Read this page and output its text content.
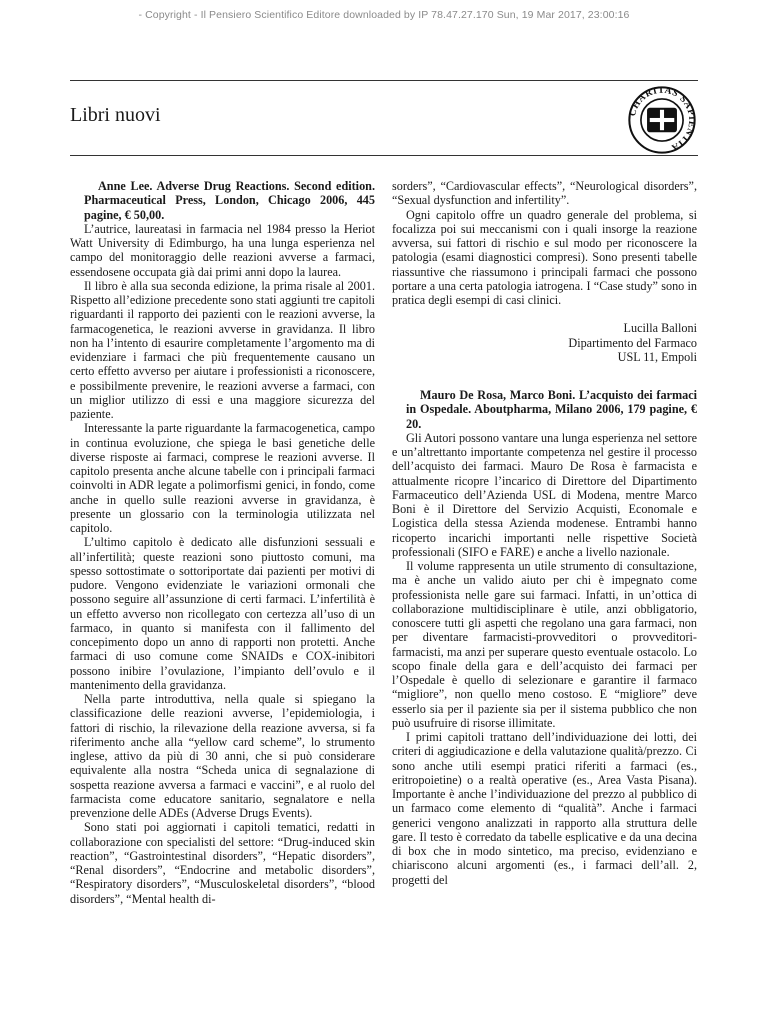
- Copyright - Il Pensiero Scientifico Editore downloaded by IP 78.47.27.170 Sun, 19 Mar 2017, 23:00:16
Libri nuovi	CHARITAS SAPIENTIA

Anne Lee. Adverse Drug Reactions. Second edition. Pharmaceutical Press, London, Chicago 2006, 445 pagine, € 50,00.

L’autrice, laureatasi in farmacia nel 1984 presso la Heriot Watt University di Edimburgo, ha una lunga esperienza nel campo del monitoraggio delle reazioni avverse a farmaci, essendosene occupata già dai primi anni dopo la laurea.

Il libro è alla sua seconda edizione, la prima risale al 2001. Rispetto all’edizione precedente sono stati aggiunti tre capitoli riguardanti il rapporto dei pazienti con le reazioni avverse, la farmacogenetica, le reazioni avverse in gravidanza. Il libro non ha l’intento di esaurire completamente l’argomento ma di evidenziare i farmaci che più frequentemente causano un certo effetto avverso per aiutare i professionisti a riconoscere, e possibilmente prevenire, le reazioni avverse a farmaci, con un miglior utilizzo di essi e una maggiore sicurezza del paziente.

Interessante la parte riguardante la farmacogenetica, campo in continua evoluzione, che spiega le basi genetiche delle diverse risposte ai farmaci, comprese le reazioni avverse. Il capitolo presenta anche alcune tabelle con i principali farmaci coinvolti in ADR legate a polimorfismi genici, in fondo, come anche in quello sulle reazioni avverse in gravidanza, è presente un glossario con la terminologia utilizzata nel capitolo.

L’ultimo capitolo è dedicato alle disfunzioni sessuali e all’infertilità; queste reazioni sono piuttosto comuni, ma spesso sottostimate o sottoriportate dai pazienti per motivi di pudore. Vengono evidenziate le variazioni ormonali che possono seguire all’assunzione di certi farmaci. L’infertilità è un effetto avverso non ricollegato con certezza all’uso di un farmaco, in quanto si manifesta con il fallimento del concepimento dopo un anno di rapporti non protetti. Anche farmaci di uso comune come SNAIDs e COX-inibitori possono inibire l’ovulazione, l’impianto dell’ovulo e il mantenimento della gravidanza.

Nella parte introduttiva, nella quale si spiegano la classificazione delle reazioni avverse, l’epidemiologia, i fattori di rischio, la rilevazione della reazione avversa, si fa riferimento anche alla “yellow card scheme”, lo strumento inglese, attivo da più di 30 anni, che si può considerare equivalente alla nostra “Scheda unica di segnalazione di sospetta reazione avversa a farmaci e vaccini”, e al ruolo del farmacista come educatore sanitario, segnalatore e nella prevenzione delle ADEs (Adverse Drugs Events).

Sono stati poi aggiornati i capitoli tematici, redatti in collaborazione con specialisti del settore: “Drug-induced skin reaction”, “Gastrointestinal disorders”, “Hepatic disorders”, “Renal disorders”, “Endocrine and metabolic disorders”, “Respiratory disorders”, “Musculoskeletal disorders”, “blood disorders”, “Mental health di-

sorders”, “Cardiovascular effects”, “Neurological disorders”, “Sexual dysfunction and infertility”.

Ogni capitolo offre un quadro generale del problema, si focalizza poi sui meccanismi con i quali insorge la reazione avversa, sui fattori di rischio e sul modo per riconoscere la patologia (esami diagnostici compresi). Sono presenti tabelle riassuntive che riassumono i principali farmaci che possono portare a una certa patologia iatrogena. I “Case study” sono in pratica degli esempi di casi clinici.

Lucilla Balloni
Dipartimento del Farmaco
USL 11, Empoli

Mauro De Rosa, Marco Boni. L’acquisto dei farmaci in Ospedale. Aboutpharma, Milano 2006, 179 pagine, € 20.

Gli Autori possono vantare una lunga esperienza nel settore e un’altrettanto importante competenza nel gestire il processo dell’acquisto dei farmaci. Mauro De Rosa è farmacista e attualmente ricopre l’incarico di Direttore del Dipartimento Farmaceutico dell’Azienda USL di Modena, mentre Marco Boni è il Direttore del Servizio Acquisti, Economale e Logistica della stessa Azienda modenese. Entrambi hanno ricoperto incarichi importanti nelle rispettive Società professionali (SIFO e FARE) e anche a livello nazionale.

Il volume rappresenta un utile strumento di consultazione, ma è anche un valido aiuto per chi è impegnato come professionista nelle gare sui farmaci. Infatti, in un’ottica di collaborazione multidisciplinare è utile, anzi obbligatorio, conoscere tutti gli aspetti che regolano una gara farmaci, non per diventare farmacisti-provveditori o provveditori-farmacisti, ma anzi per superare questo eventuale ostacolo. Lo scopo finale della gara e dell’acquisto dei farmaci per l’Ospedale è quello di selezionare e garantire il farmaco “migliore”, non quello meno costoso. E “migliore” deve esserlo sia per il paziente sia per il sistema pubblico che non può usufruire di risorse illimitate.

I primi capitoli trattano dell’individuazione dei lotti, dei criteri di aggiudicazione e della valutazione qualità/prezzo. Ci sono anche utili esempi pratici riferiti a farmaci (es., eritropoietine) o a realtà operative (es., Area Vasta Pisana). Importante è anche l’individuazione del prezzo al pubblico di un farmaco come elemento di “qualità”. Anche i farmaci generici vengono analizzati in rapporto alla struttura delle gare. Il testo è corredato da tabelle esplicative e da una decina di box che in modo sintetico, ma preciso, evidenziano e chiariscono alcuni argomenti (es., i farmaci dell’all. 2, progetti del
